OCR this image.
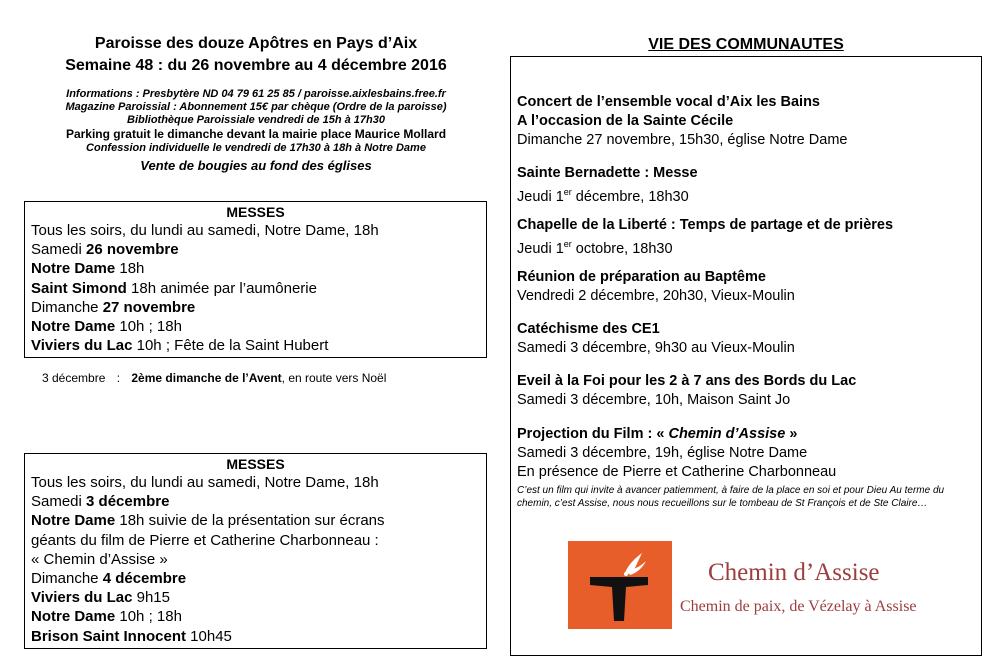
Paroisse des douze Apôtres en Pays d’Aix
Semaine 48 : du 26 novembre au 4 décembre 2016
Informations : Presbytère ND 04 79 61 25 85 / paroisse.aixlesbains.free.fr
Magazine Paroissial : Abonnement 15€ par chèque (Ordre de la paroisse)
Bibliothèque Paroissiale vendredi de 15h à 17h30
Parking gratuit le dimanche devant la mairie place Maurice Mollard
Confession individuelle le vendredi de 17h30 à 18h à Notre Dame
Vente de bougies au fond des églises
MESSES
Tous les soirs, du lundi au samedi, Notre Dame, 18h
Samedi 26 novembre
Notre Dame 18h
Saint Simond 18h animée par l’aumônerie
Dimanche 27 novembre
Notre Dame 10h ; 18h
Viviers du Lac 10h ; Fête de la Saint Hubert
3 décembre : 2ème dimanche de l’Avent, en route vers Noël
MESSES
Tous les soirs, du lundi au samedi, Notre Dame, 18h
Samedi 3 décembre
Notre Dame 18h suivie de la présentation sur écrans
géants du film de Pierre et Catherine Charbonneau :
« Chemin d’Assise »
Dimanche 4 décembre
Viviers du Lac 9h15
Notre Dame 10h ; 18h
Brison Saint Innocent 10h45
VIE DES COMMUNAUTES
Concert de l’ensemble vocal d’Aix les Bains
A l’occasion de la Sainte Cécile
Dimanche 27 novembre, 15h30, église Notre Dame
Sainte Bernadette : Messe
Jeudi 1er décembre, 18h30
Chapelle de la Liberté : Temps de partage et de prières
Jeudi 1er octobre, 18h30
Réunion de préparation au Baptême
Vendredi 2 décembre, 20h30, Vieux-Moulin
Catéchisme des CE1
Samedi 3 décembre, 9h30 au Vieux-Moulin
Eveil à la Foi pour les 2 à 7 ans des Bords du Lac
Samedi 3 décembre, 10h, Maison Saint Jo
Projection du Film : « Chemin d’Assise »
Samedi 3 décembre, 19h, église Notre Dame
En présence de Pierre et Catherine Charbonneau
C’est un film qui invite à avancer patiemment, à faire de la place en soi et pour Dieu Au terme du chemin, c’est Assise, nous nous recueillons sur le tombeau de St François et de Ste Claire…
Chemin d’Assise
Chemin de paix, de Vézelay à Assise
